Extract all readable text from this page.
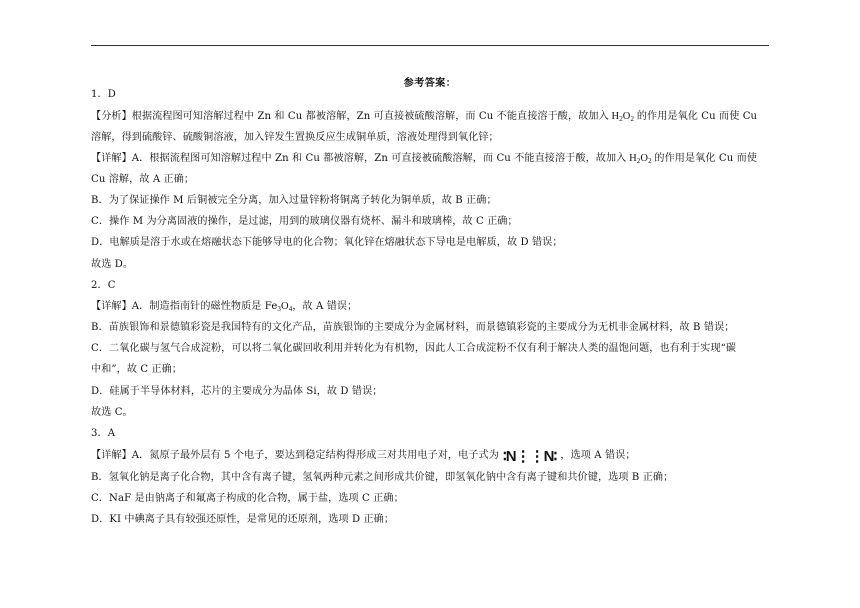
参考答案：
1．D
【分析】根据流程图可知溶解过程中 Zn 和 Cu 都被溶解，Zn 可直接被硫酸溶解，而 Cu 不能直接溶于酸，故加入 $H_2O_2$ 的作用是氧化 Cu 而使 Cu
溶解，得到硫酸锌、硫酸铜溶液，加入锌发生置换反应生成铜单质，溶液处理得到氧化锌；
【详解】A．根据流程图可知溶解过程中 Zn 和 Cu 都被溶解，Zn 可直接被硫酸溶解，而 Cu 不能直接溶于酸，故加入 $H_2O_2$ 的作用是氧化 Cu 而使
Cu 溶解，故 A 正确；
B．为了保证操作 M 后铜被完全分离，加入过量锌粉将铜离子转化为铜单质，故 B 正确；
C．操作 M 为分离固液的操作，是过滤，用到的玻璃仪器有烧杯、漏斗和玻璃棒，故 C 正确；
D．电解质是溶于水或在熔融状态下能够导电的化合物；氧化锌在熔融状态下导电是电解质，故 D 错误；
故选 D。
2．C
【详解】A．制造指南针的磁性物质是 $Fe_3O_4$，故 A 错误；
B．苗族银饰和景德镇彩瓷是我国特有的文化产品，苗族银饰的主要成分为金属材料，而景德镇彩瓷的主要成分为无机非金属材料，故 B 错误；
C．二氧化碳与氢气合成淀粉，可以将二氧化碳回收利用并转化为有机物，因此人工合成淀粉不仅有利于解决人类的温饱问题，也有利于实现“碳
中和”，故 C 正确；
D．硅属于半导体材料，芯片的主要成分为晶体 Si，故 D 错误；
故选 C。
3．A
【详解】A．氮原子最外层有 5 个电子，要达到稳定结构得形成三对共用电子对，电子式为 ∶N⋮⋮N∶ ，选项 A 错误；
B．氢氧化钠是离子化合物，其中含有离子键，氢氧两种元素之间形成共价键，即氢氧化钠中含有离子键和共价键，选项 B 正确；
C．NaF 是由钠离子和氟离子构成的化合物，属于盐，选项 C 正确；
D．KI 中碘离子具有较强还原性，是常见的还原剂，选项 D 正确；
